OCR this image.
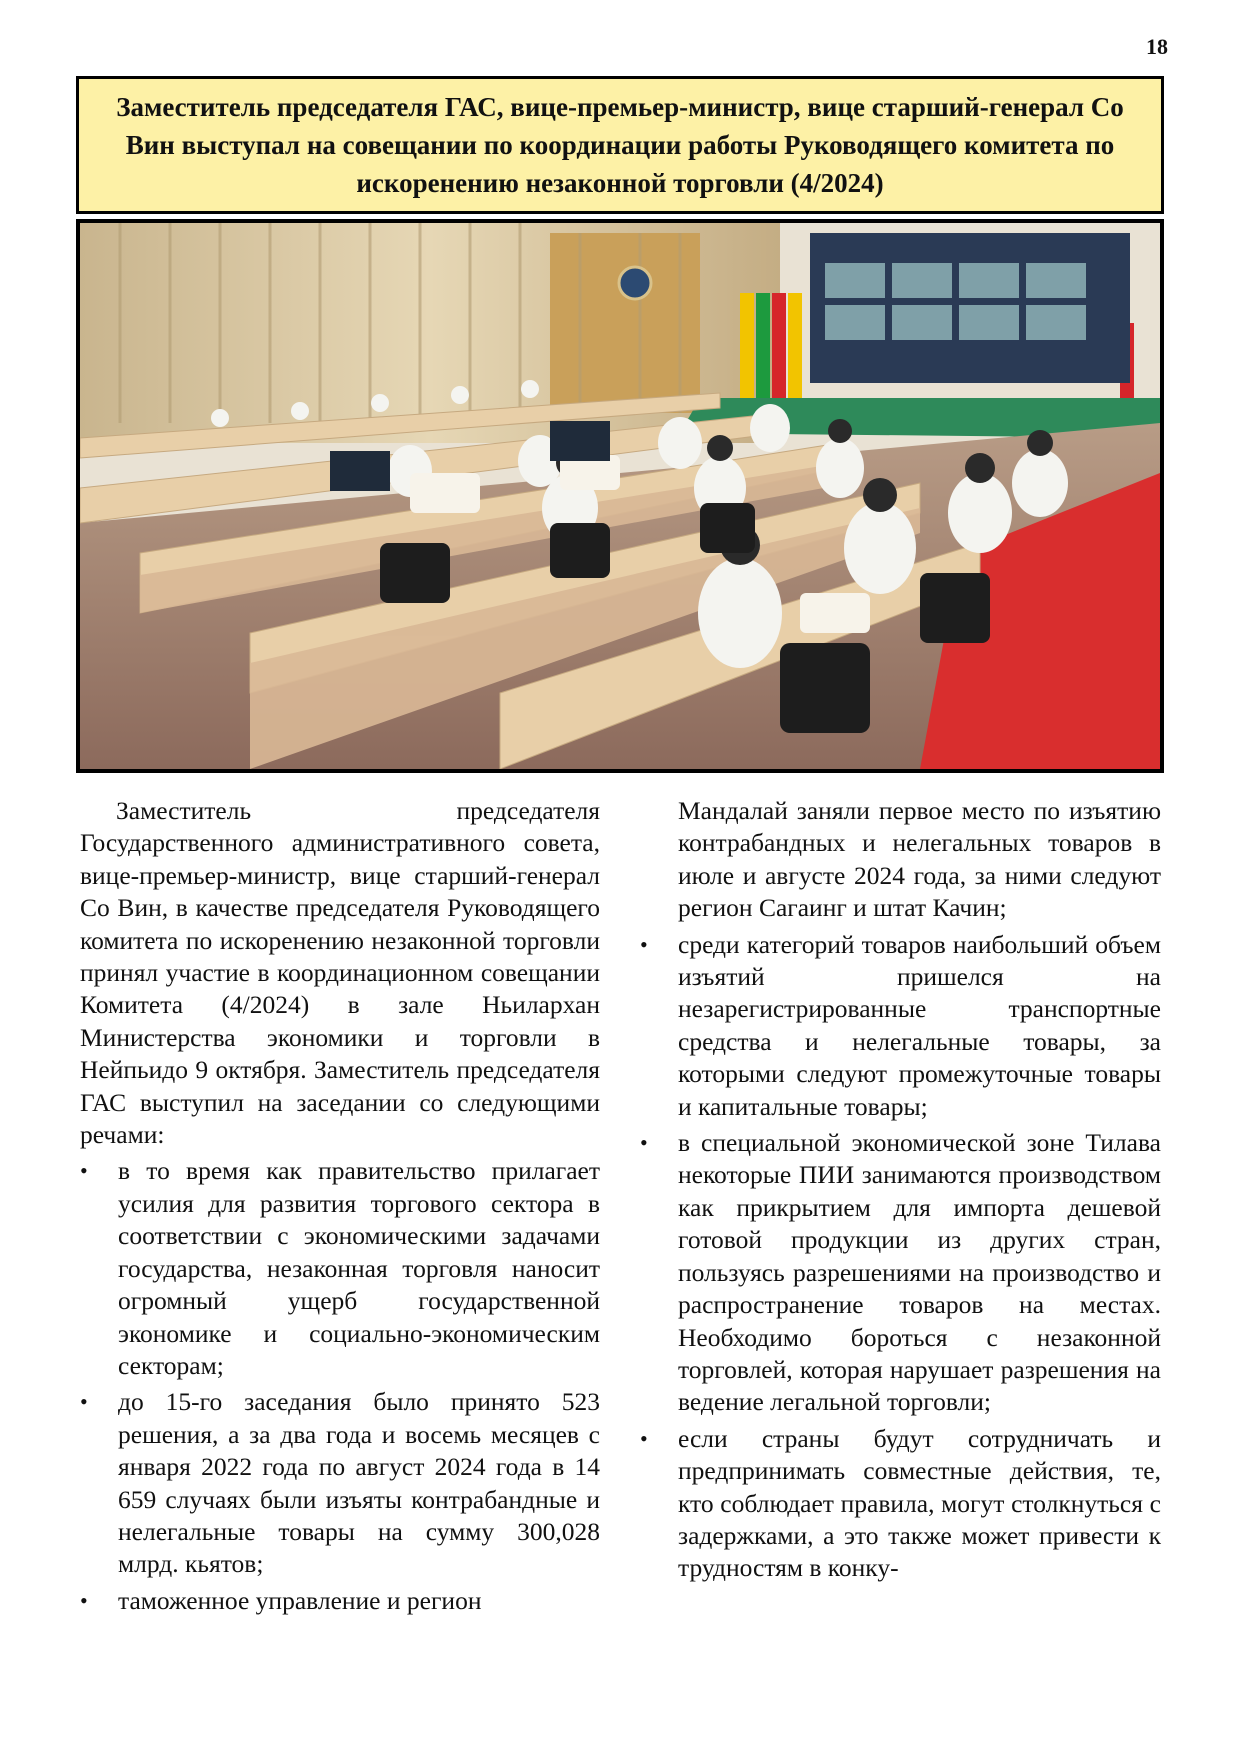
18
Заместитель председателя ГАС, вице-премьер-министр, вице старший-генерал Со Вин выступал на совещании по координации работы Руководящего комитета по искоренению незаконной торговли (4/2024)

Заместитель председателя Государственного административного совета, вице-премьер-министр, вице старший-генерал Со Вин, в качестве председателя Руководящего комитета по искоренению незаконной торговли принял участие в координационном совещании Комитета (4/2024) в зале Ньилархан Министерства экономики и торговли в Нейпьидо 9 октября. Заместитель председателя ГАС выступил на заседании со следующими речами:

• в то время как правительство прилагает усилия для развития торгового сектора в соответствии с экономическими задачами государства, незаконная торговля наносит огромный ущерб государственной экономике и социально-экономическим секторам;
• до 15-го заседания было принято 523 решения, а за два года и восемь месяцев с января 2022 года по август 2024 года в 14 659 случаях были изъяты контрабандные и нелегальные товары на сумму 300,028 млрд. кьятов;
• таможенное управление и регион

Мандалай заняли первое место по изъятию контрабандных и нелегальных товаров в июле и августе 2024 года, за ними следуют регион Сагаинг и штат Качин;

• среди категорий товаров наибольший объем изъятий пришелся на незарегистрированные транспортные средства и нелегальные товары, за которыми следуют промежуточные товары и капитальные товары;
• в специальной экономической зоне Тилава некоторые ПИИ занимаются производством как прикрытием для импорта дешевой готовой продукции из других стран, пользуясь разрешениями на производство и распространение товаров на местах. Необходимо бороться с незаконной торговлей, которая нарушает разрешения на ведение легальной торговли;
• если страны будут сотрудничать и предпринимать совместные действия, те, кто соблюдает правила, могут столкнуться с задержками, а это также может привести к трудностям в конку-
